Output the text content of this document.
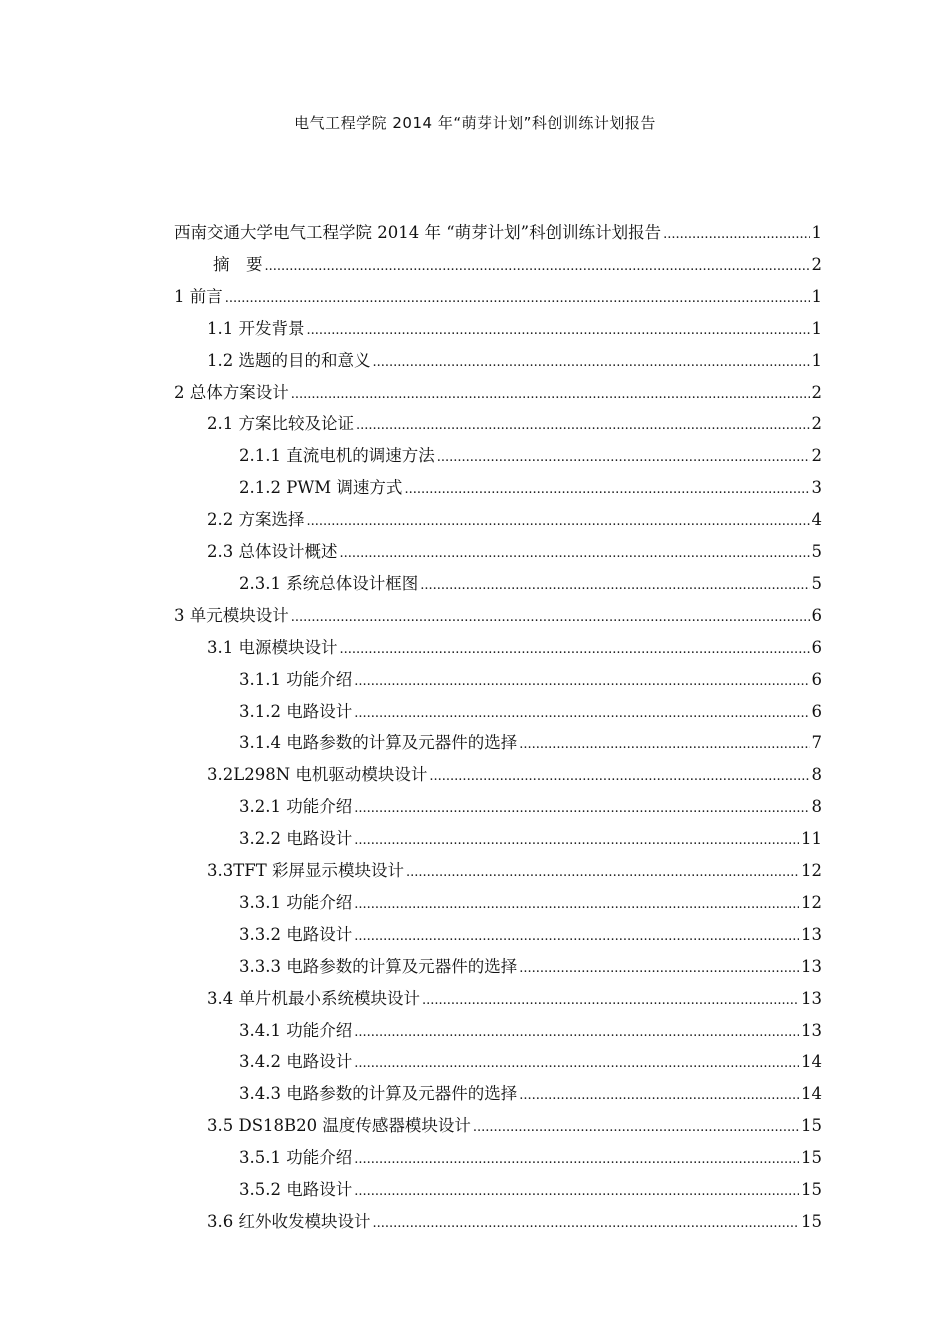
电气工程学院 2014 年“萌芽计划”科创训练计划报告
西南交通大学电气工程学院 2014 年 “萌芽计划”科创训练计划报告 .....	1
摘　要 .....	2
1 前言 .....	1
1.1 开发背景 .....	1
1.2 选题的目的和意义 .....	1
2 总体方案设计 .....	2
2.1 方案比较及论证 .....	2
2.1.1 直流电机的调速方法 .....	2
2.1.2 PWM 调速方式 .....	3
2.2 方案选择 .....	4
2.3 总体设计概述 .....	5
2.3.1 系统总体设计框图 .....	5
3 单元模块设计 .....	6
3.1 电源模块设计 .....	6
3.1.1 功能介绍 .....	6
3.1.2 电路设计 .....	6
3.1.4 电路参数的计算及元器件的选择 .....	7
3.2L298N 电机驱动模块设计 .....	8
3.2.1 功能介绍 .....	8
3.2.2 电路设计 .....	11
3.3TFT 彩屏显示模块设计 .....	12
3.3.1 功能介绍 .....	12
3.3.2 电路设计 .....	13
3.3.3 电路参数的计算及元器件的选择 .....	13
3.4 单片机最小系统模块设计 .....	13
3.4.1 功能介绍 .....	13
3.4.2 电路设计 .....	14
3.4.3 电路参数的计算及元器件的选择 .....	14
3.5 DS18B20 温度传感器模块设计 .....	15
3.5.1 功能介绍 .....	15
3.5.2 电路设计 .....	15
3.6 红外收发模块设计 .....	15
